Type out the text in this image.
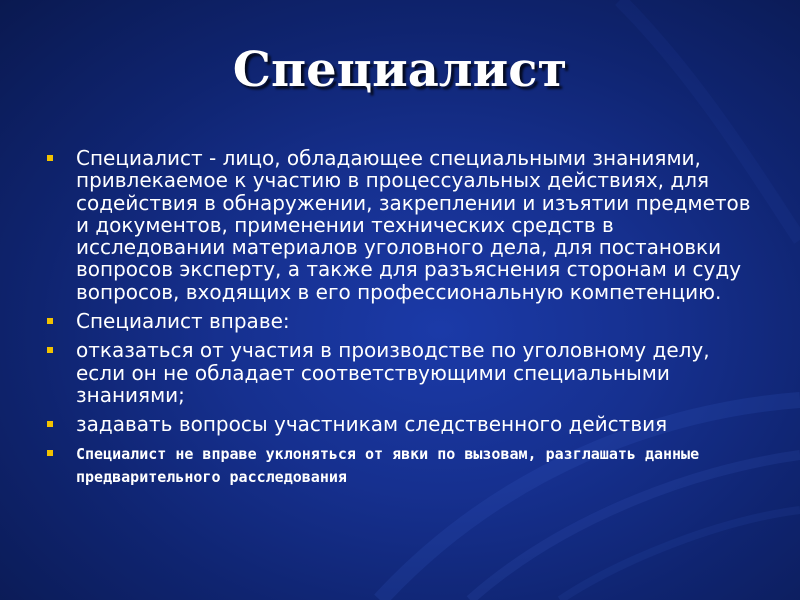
Специалист
Специалист - лицо, обладающее специальными знаниями, привлекаемое к участию в процессуальных действиях, для содействия в обнаружении, закреплении и изъятии предметов и документов, применении технических средств в исследовании материалов уголовного дела, для постановки вопросов эксперту, а также для разъяснения сторонам и суду вопросов, входящих в его профессиональную компетенцию.
Специалист вправе:
отказаться от участия в производстве по уголовному делу, если он не обладает соответствующими специальными знаниями;
задавать вопросы участникам следственного действия
Специалист не вправе уклоняться от явки по вызовам, разглашать данные предварительного расследования
